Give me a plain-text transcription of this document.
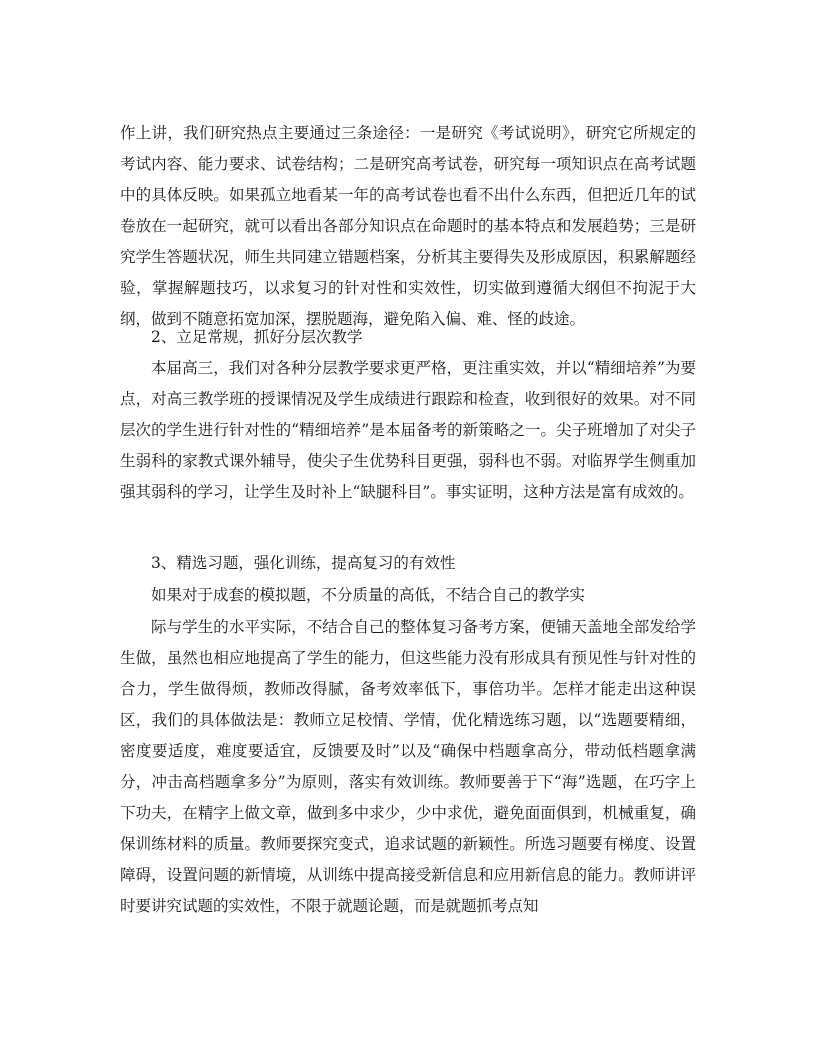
作上讲，我们研究热点主要通过三条途径：一是研究《考试说明》，研究它所规定的考试内容、能力要求、试卷结构；二是研究高考试卷，研究每一项知识点在高考试题中的具体反映。如果孤立地看某一年的高考试卷也看不出什么东西，但把近几年的试卷放在一起研究，就可以看出各部分知识点在命题时的基本特点和发展趋势；三是研究学生答题状况，师生共同建立错题档案，分析其主要得失及形成原因，积累解题经验，掌握解题技巧，以求复习的针对性和实效性，切实做到遵循大纲但不拘泥于大纲，做到不随意拓宽加深，摆脱题海，避免陷入偏、难、怪的歧途。

2、立足常规，抓好分层次教学

本届高三，我们对各种分层教学要求更严格，更注重实效，并以“精细培养”为要点，对高三教学班的授课情况及学生成绩进行跟踪和检查，收到很好的效果。对不同层次的学生进行针对性的“精细培养”是本届备考的新策略之一。尖子班增加了对尖子生弱科的家教式课外辅导，使尖子生优势科目更强，弱科也不弱。对临界学生侧重加强其弱科的学习，让学生及时补上“缺腿科目”。事实证明，这种方法是富有成效的。

3、精选习题，强化训练，提高复习的有效性

如果对于成套的模拟题，不分质量的高低，不结合自己的教学实

际与学生的水平实际，不结合自己的整体复习备考方案，便铺天盖地全部发给学生做，虽然也相应地提高了学生的能力，但这些能力没有形成具有预见性与针对性的合力，学生做得烦，教师改得腻，备考效率低下，事倍功半。怎样才能走出这种误区，我们的具体做法是：教师立足校情、学情，优化精选练习题，以“选题要精细，密度要适度，难度要适宜，反馈要及时”以及“确保中档题拿高分，带动低档题拿满分，冲击高档题拿多分”为原则，落实有效训练。教师要善于下“海”选题，在巧字上下功夫，在精字上做文章，做到多中求少，少中求优，避免面面俱到，机械重复，确保训练材料的质量。教师要探究变式，追求试题的新颖性。所选习题要有梯度、设置障碍，设置问题的新情境，从训练中提高接受新信息和应用新信息的能力。教师讲评时要讲究试题的实效性，不限于就题论题，而是就题抓考点知
